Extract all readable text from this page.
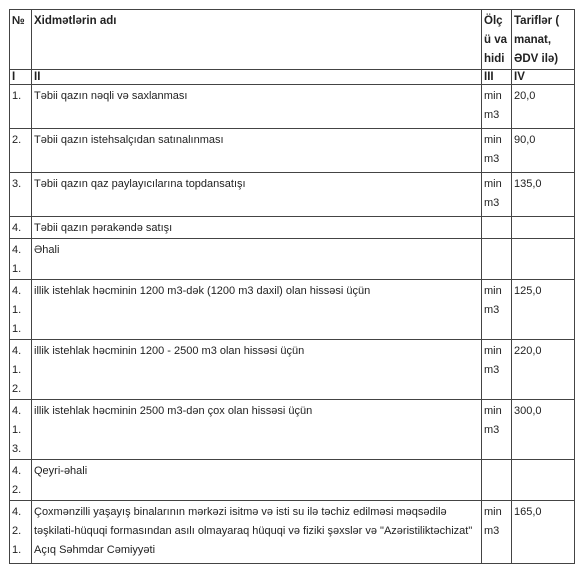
№	Xidmətlərin adı	Ölçü vahidi	Tariflər (
manat, ƏDV ilə)
I	II	III	IV
1.	Təbii qazın nəqli və saxlanması	min m3	20,0
2.	Təbii qazın istehsalçıdan satınalınması	min m3	90,0
3.	Təbii qazın qaz paylayıcılarına topdansatışı	min m3	135,0
4.	Təbii qazın pərakəndə satışı		
4.1.	Əhali		
4.1.1.	illik istehlak həcminin 1200 m3-dək (1200 m3 daxil) olan hissəsi üçün	min m3	125,0
4.1.2.	illik istehlak həcminin 1200 - 2500 m3 olan hissəsi üçün	min m3	220,0
4.1.3.	illik istehlak həcminin 2500 m3-dən çox olan hissəsi üçün	min m3	300,0
4.2.	Qeyri-əhali		
4.2.1.	Çoxmənzilli yaşayış binalarının mərkəzi isitmə və isti su ilə təchiz edilməsi məqsədilə təşkilati-hüquqi formasından asılı olmayaraq hüquqi və fiziki şəxslər və "Azəristiliktəchizat" Açıq Səhmdar Cəmiyyəti	min m3	165,0
